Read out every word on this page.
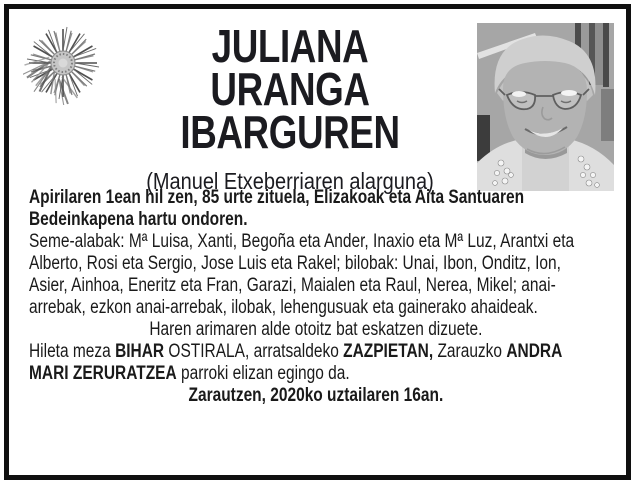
JULIANA URANGA
IBARGUREN
(Manuel Etxeberriaren alarguna)

Apirilaren 1ean hil zen, 85 urte zituela, Elizakoak eta Aita Santuaren Bedeinkapena hartu ondoren.

Seme-alabak: Mª Luisa, Xanti, Begoña eta Ander, Inaxio eta Mª Luz, Arantxi eta Alberto, Rosi eta Sergio, Jose Luis eta Rakel; bilobak: Unai, Ibon, Onditz, Ion, Asier, Ainhoa, Eneritz eta Fran, Garazi, Maialen eta Raul, Nerea, Mikel; anai-arrebak, ezkon anai-arrebak, ilobak, lehengusuak eta gainerako ahaideak.

Haren arimaren alde otoitz bat eskatzen dizuete.

Hileta meza BIHAR OSTIRALA, arratsaldeko ZAZPIETAN, Zarauzko ANDRA MARI ZERURATZEA parroki elizan egingo da.

Zarautzen, 2020ko uztailaren 16an.
